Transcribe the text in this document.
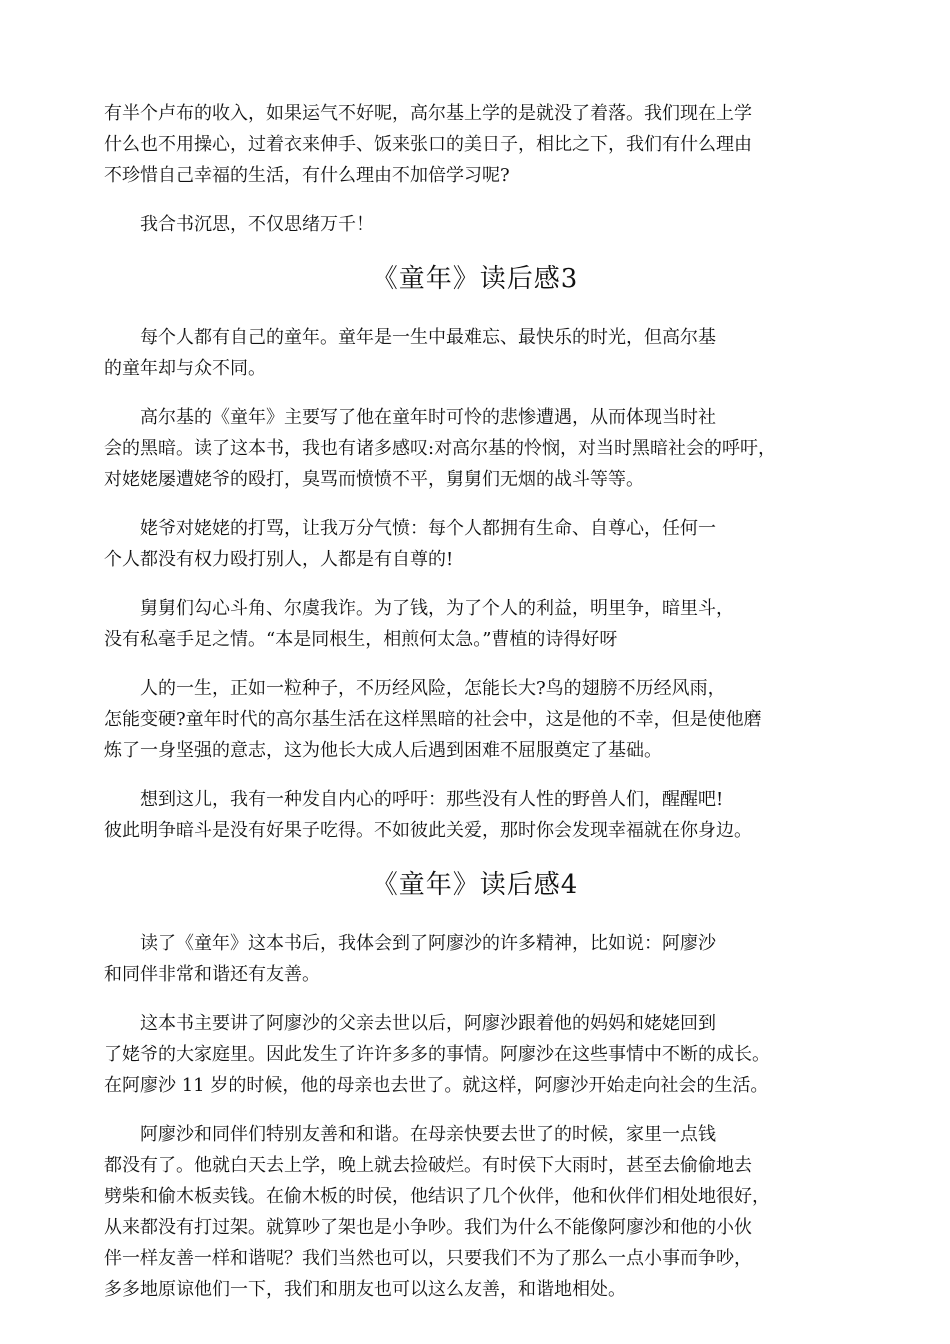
有半个卢布的收入，如果运气不好呢，高尔基上学的是就没了着落。我们现在上学
什么也不用操心，过着衣来伸手、饭来张口的美日子，相比之下，我们有什么理由
不珍惜自己幸福的生活，有什么理由不加倍学习呢?

我合书沉思，不仅思绪万千！

《童年》读后感3

每个人都有自己的童年。童年是一生中最难忘、最快乐的时光，但高尔基
的童年却与众不同。

高尔基的《童年》主要写了他在童年时可怜的悲惨遭遇，从而体现当时社
会的黑暗。读了这本书，我也有诸多感叹:对高尔基的怜悯，对当时黑暗社会的呼吁，
对姥姥屡遭姥爷的殴打，臭骂而愤愤不平，舅舅们无烟的战斗等等。

姥爷对姥姥的打骂，让我万分气愤：每个人都拥有生命、自尊心，任何一
个人都没有权力殴打别人，人都是有自尊的!

舅舅们勾心斗角、尔虞我诈。为了钱，为了个人的利益，明里争，暗里斗，
没有私毫手足之情。“本是同根生，相煎何太急。”曹植的诗得好呀

人的一生，正如一粒种子，不历经风险，怎能长大?鸟的翅膀不历经风雨，
怎能变硬?童年时代的高尔基生活在这样黑暗的社会中，这是他的不幸，但是使他磨
炼了一身坚强的意志，这为他长大成人后遇到困难不屈服奠定了基础。

想到这儿，我有一种发自内心的呼吁：那些没有人性的野兽人们，醒醒吧!
彼此明争暗斗是没有好果子吃得。不如彼此关爱，那时你会发现幸福就在你身边。

《童年》读后感4

读了《童年》这本书后，我体会到了阿廖沙的许多精神，比如说：阿廖沙
和同伴非常和谐还有友善。

这本书主要讲了阿廖沙的父亲去世以后，阿廖沙跟着他的妈妈和姥姥回到
了姥爷的大家庭里。因此发生了许许多多的事情。阿廖沙在这些事情中不断的成长。
在阿廖沙 11 岁的时候，他的母亲也去世了。就这样，阿廖沙开始走向社会的生活。

阿廖沙和同伴们特别友善和和谐。在母亲快要去世了的时候，家里一点钱
都没有了。他就白天去上学，晚上就去捡破烂。有时侯下大雨时，甚至去偷偷地去
劈柴和偷木板卖钱。在偷木板的时侯，他结识了几个伙伴，他和伙伴们相处地很好，
从来都没有打过架。就算吵了架也是小争吵。我们为什么不能像阿廖沙和他的小伙
伴一样友善一样和谐呢？我们当然也可以，只要我们不为了那么一点小事而争吵，
多多地原谅他们一下，我们和朋友也可以这么友善，和谐地相处。
